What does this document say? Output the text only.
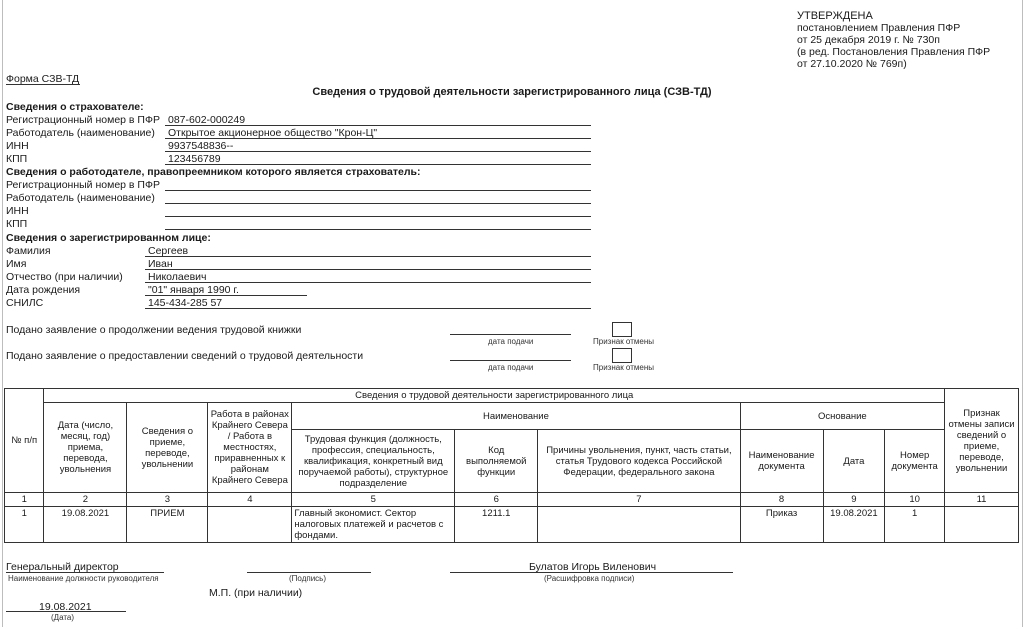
УТВЕРЖДЕНА
постановлением Правления ПФР
от 25 декабря 2019 г. № 730п
(в ред. Постановления Правления ПФР
от 27.10.2020 № 769п)
Форма СЗВ-ТД
Сведения о трудовой деятельности зарегистрированного лица (СЗВ-ТД)
Сведения о страхователе:
Регистрационный номер в ПФР 087-602-000249
Работодатель (наименование) Открытое акционерное общество "Крон-Ц"
ИНН	9937548836--
КПП	123456789
Сведения о работодателе, правопреемником которого является страхователь:
Регистрационный номер в ПФР
Работодатель (наименование)
ИНН
КПП
Сведения о зарегистрированном лице:
Фамилия	Сергеев
Имя	Иван
Отчество (при наличии) Николаевич
Дата рождения	"01" января 1990 г.
СНИЛС	145-434-285 57
Подано заявление о продолжении ведения трудовой книжки
дата подачи	Признак отмены
Подано заявление о предоставлении сведений о трудовой деятельности
дата подачи	Признак отмены
№ п/п	Сведения о трудовой деятельности зарегистрированного лица									Признак отмены записи сведений о приеме, переводе, увольнении
	Дата (число, месяц, год) приема, перевода, увольнения	Сведения о приеме, переводе, увольнении	Работа в районах Крайнего Севера / Работа в местностях, приравненных к районам Крайнего Севера	Наименование			Основание			
				Трудовая функция (должность, профессия, специальность, квалификация, конкретный вид поручаемой работы), структурное подразделение	Код выполняемой функции	Причины увольнения, пункт, часть статьи, статья Трудового кодекса Российской Федерации, федерального закона	Наименование документа	Дата	Номер документа	
1	2	3	4	5	6	7	8	9	10	11
1	19.08.2021	ПРИЕМ		Главный экономист. Сектор налоговых платежей и расчетов с фондами.	1211.1		Приказ	19.08.2021	1	
Генеральный директор
Наименование должности руководителя	(Подпись)
Булатов Игорь Виленович
(Расшифровка подписи)
М.П. (при наличии)
19.08.2021
(Дата)
